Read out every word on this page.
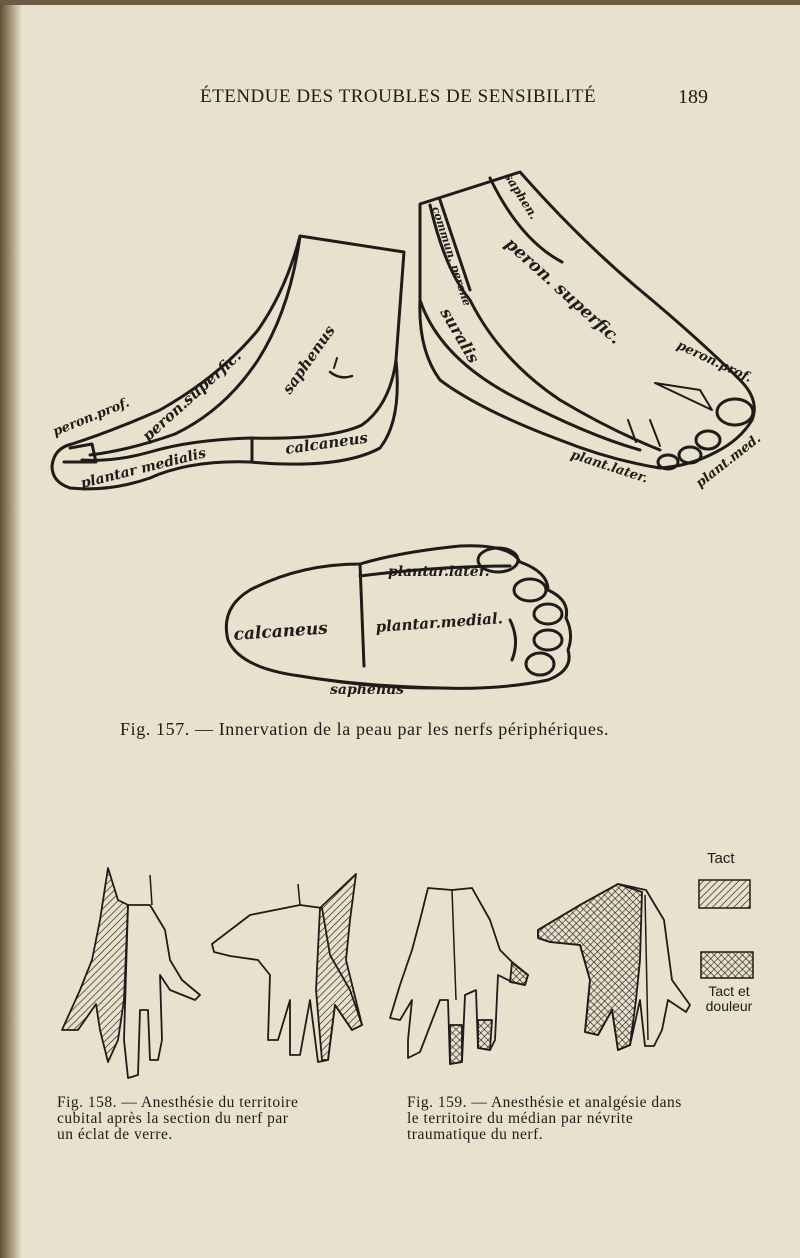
ÉTENDUE DES TROUBLES DE SENSIBILITÉ	189
peron.prof. peron.superfic. saphenus
plantar medialis
calcaneus
commun. perone
saphen.
peron. superfic.
suralis	peron.prof.
plant.later.	plant.med.
plantar.later.
calcaneus	plantar.medial.
saphenus
Fig. 157. — Innervation de la peau par les nerfs périphériques.
Tact
Tact et
douleur
Fig. 158. — Anesthésie du territoire
cubital après la section du nerf par
un éclat de verre.
Fig. 159. — Anesthésie et analgésie dans
le territoire du médian par névrite
traumatique du nerf.
